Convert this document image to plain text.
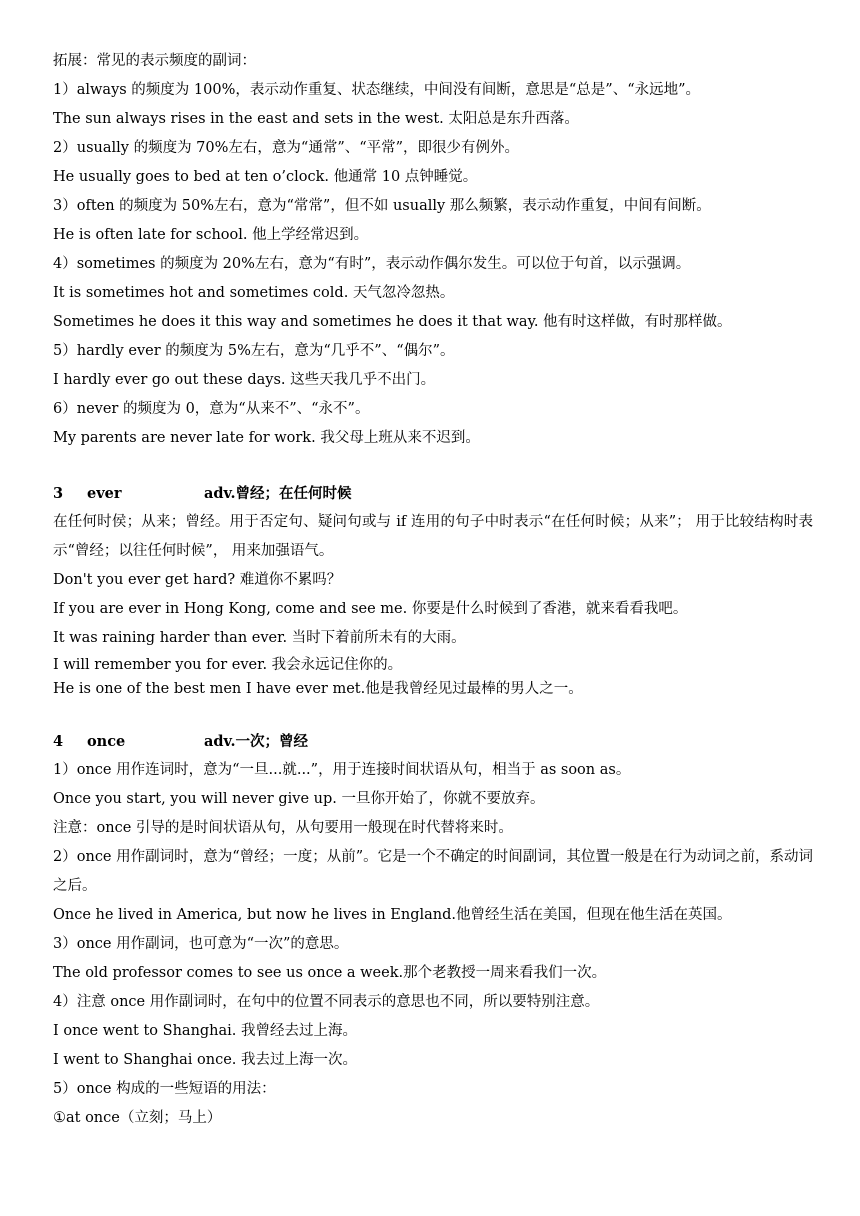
拓展：常见的表示频度的副词：
1）always 的频度为 100%，表示动作重复、状态继续，中间没有间断，意思是“总是”、“永远地”。
The sun always rises in the east and sets in the west. 太阳总是东升西落。
2）usually 的频度为 70%左右，意为“通常”、“平常”，即很少有例外。
He usually goes to bed at ten o’clock. 他通常 10 点钟睡觉。
3）often 的频度为 50%左右，意为“常常”，但不如 usually 那么频繁，表示动作重复，中间有间断。
He is often late for school. 他上学经常迟到。
4）sometimes 的频度为 20%左右，意为“有时”，表示动作偶尔发生。可以位于句首，以示强调。
It is sometimes hot and sometimes cold. 天气忽冷忽热。
Sometimes he does it this way and sometimes he does it that way. 他有时这样做，有时那样做。
5）hardly ever 的频度为 5%左右，意为“几乎不”、“偶尔”。
I hardly ever go out these days. 这些天我几乎不出门。
6）never 的频度为 0，意为“从来不”、“永不”。
My parents are never late for work. 我父母上班从来不迟到。
3	ever	adv.曾经；在任何时候
在任何时侯；从来；曾经。用于否定句、疑问句或与 if 连用的句子中时表示“在任何时候；从来”； 用于比较结构时表示“曾经；以往任何时候”， 用来加强语气。
Don't you ever get hard? 难道你不累吗？
If you are ever in Hong Kong, come and see me. 你要是什么时候到了香港，就来看看我吧。
It was raining harder than ever. 当时下着前所未有的大雨。
I will remember you for ever. 我会永远记住你的。
He is one of the best men I have ever met.他是我曾经见过最棒的男人之一。
4	once	adv.一次；曾经
1）once 用作连词时，意为“一旦...就...”，用于连接时间状语从句，相当于 as soon as。
Once you start, you will never give up. 一旦你开始了，你就不要放弃。
注意：once 引导的是时间状语从句，从句要用一般现在时代替将来时。
2）once 用作副词时，意为“曾经；一度；从前”。它是一个不确定的时间副词，其位置一般是在行为动词之前，系动词之后。
Once he lived in America, but now he lives in England.他曾经生活在美国，但现在他生活在英国。
3）once 用作副词，也可意为“一次”的意思。
The old professor comes to see us once a week.那个老教授一周来看我们一次。
4）注意 once 用作副词时，在句中的位置不同表示的意思也不同，所以要特别注意。
I once went to Shanghai. 我曾经去过上海。
I went to Shanghai once. 我去过上海一次。
5）once 构成的一些短语的用法：
①at once（立刻；马上）
